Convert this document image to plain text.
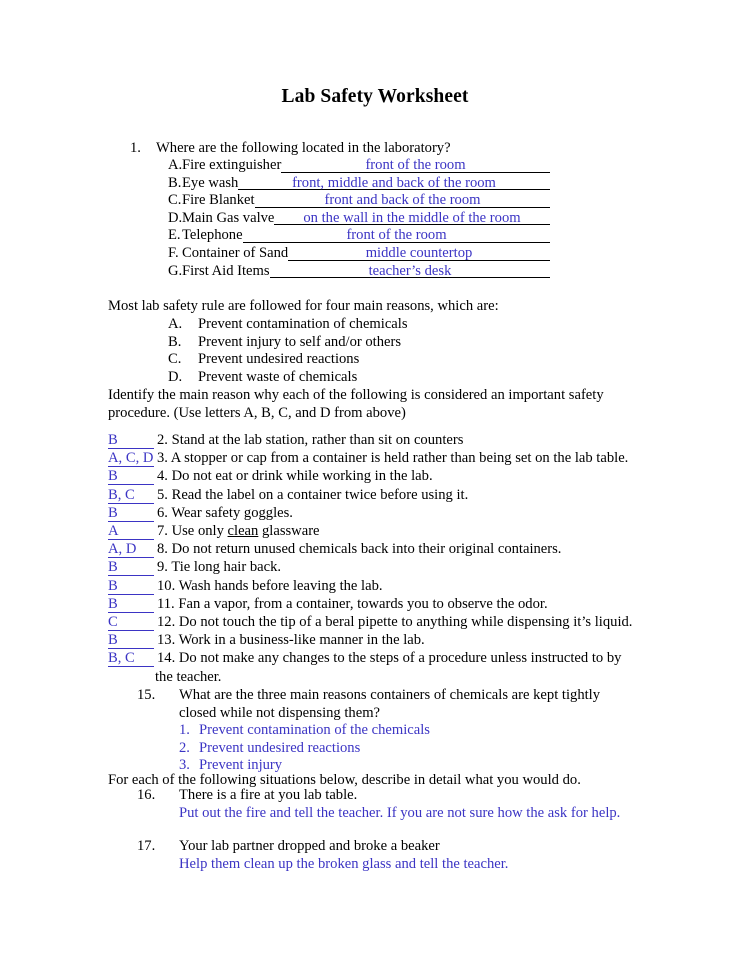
Lab Safety Worksheet
1. Where are the following located in the laboratory?
A.Fire extinguisher	front of the room
B.Eye wash	front, middle and back of the room
C.Fire Blanket	front and back of the room
D.Main Gas valve	on the wall in the middle of the room
E.Telephone	front of the room
F. Container of Sand	middle countertop
G.First Aid Items	teacher’s desk
Most lab safety rule are followed for four main reasons, which are:
A. Prevent contamination of chemicals
B. Prevent injury to self and/or others
C. Prevent undesired reactions
D. Prevent waste of chemicals
Identify the main reason why each of the following is considered an important safety
procedure. (Use letters A, B, C, and D from above)
B	2. Stand at the lab station, rather than sit on counters
A, C, D 3. A stopper or cap from a container is held rather than being set on the lab table.
B	4. Do not eat or drink while working in the lab.
B, C 5. Read the label on a container twice before using it.
B	6. Wear safety goggles.
A	7. Use only clean glassware
A, D 8. Do not return unused chemicals back into their original containers.
B	9. Tie long hair back.
B	10. Wash hands before leaving the lab.
B	11. Fan a vapor, from a container, towards you to observe the odor.
C	12. Do not touch the tip of a beral pipette to anything while dispensing it’s liquid.
B	13. Work in a business-like manner in the lab.
B, C 14. Do not make any changes to the steps of a procedure unless instructed to by
the teacher.
15. What are the three main reasons containers of chemicals are kept tightly closed while not dispensing them?
1. Prevent contamination of the chemicals
2. Prevent undesired reactions
3. Prevent injury
For each of the following situations below, describe in detail what you would do.
16. There is a fire at you lab table.
Put out the fire and tell the teacher. If you are not sure how the ask for help.
17. Your lab partner dropped and broke a beaker
Help them clean up the broken glass and tell the teacher.
